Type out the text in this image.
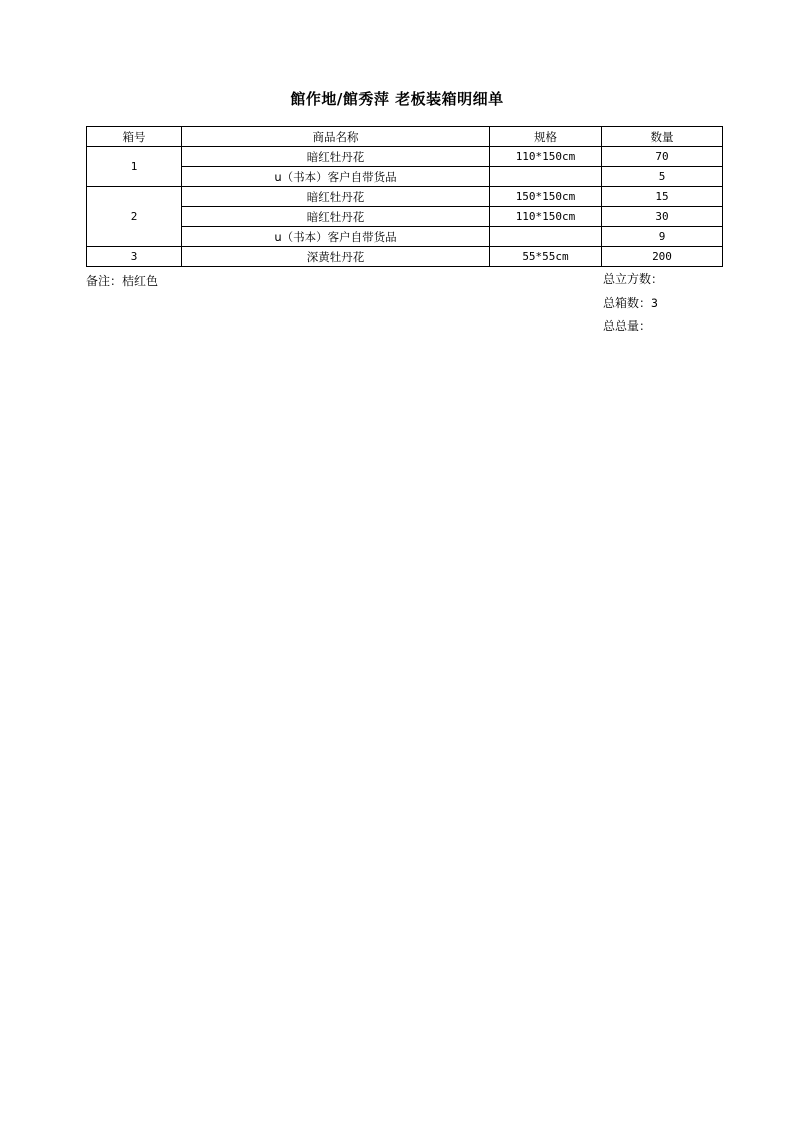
館作地/館秀萍 老板装箱明细单
箱号	商品名称	规格	数量
1	暗红牡丹花	110*150cm	70
	u（书本）客户自带货品		5
2	暗红牡丹花	150*150cm	15
	暗红牡丹花	110*150cm	30
	u（书本）客户自带货品		9
3	深黄牡丹花	55*55cm	200
备注：桔红色	总立方数：
总箱数：3
总总量：
